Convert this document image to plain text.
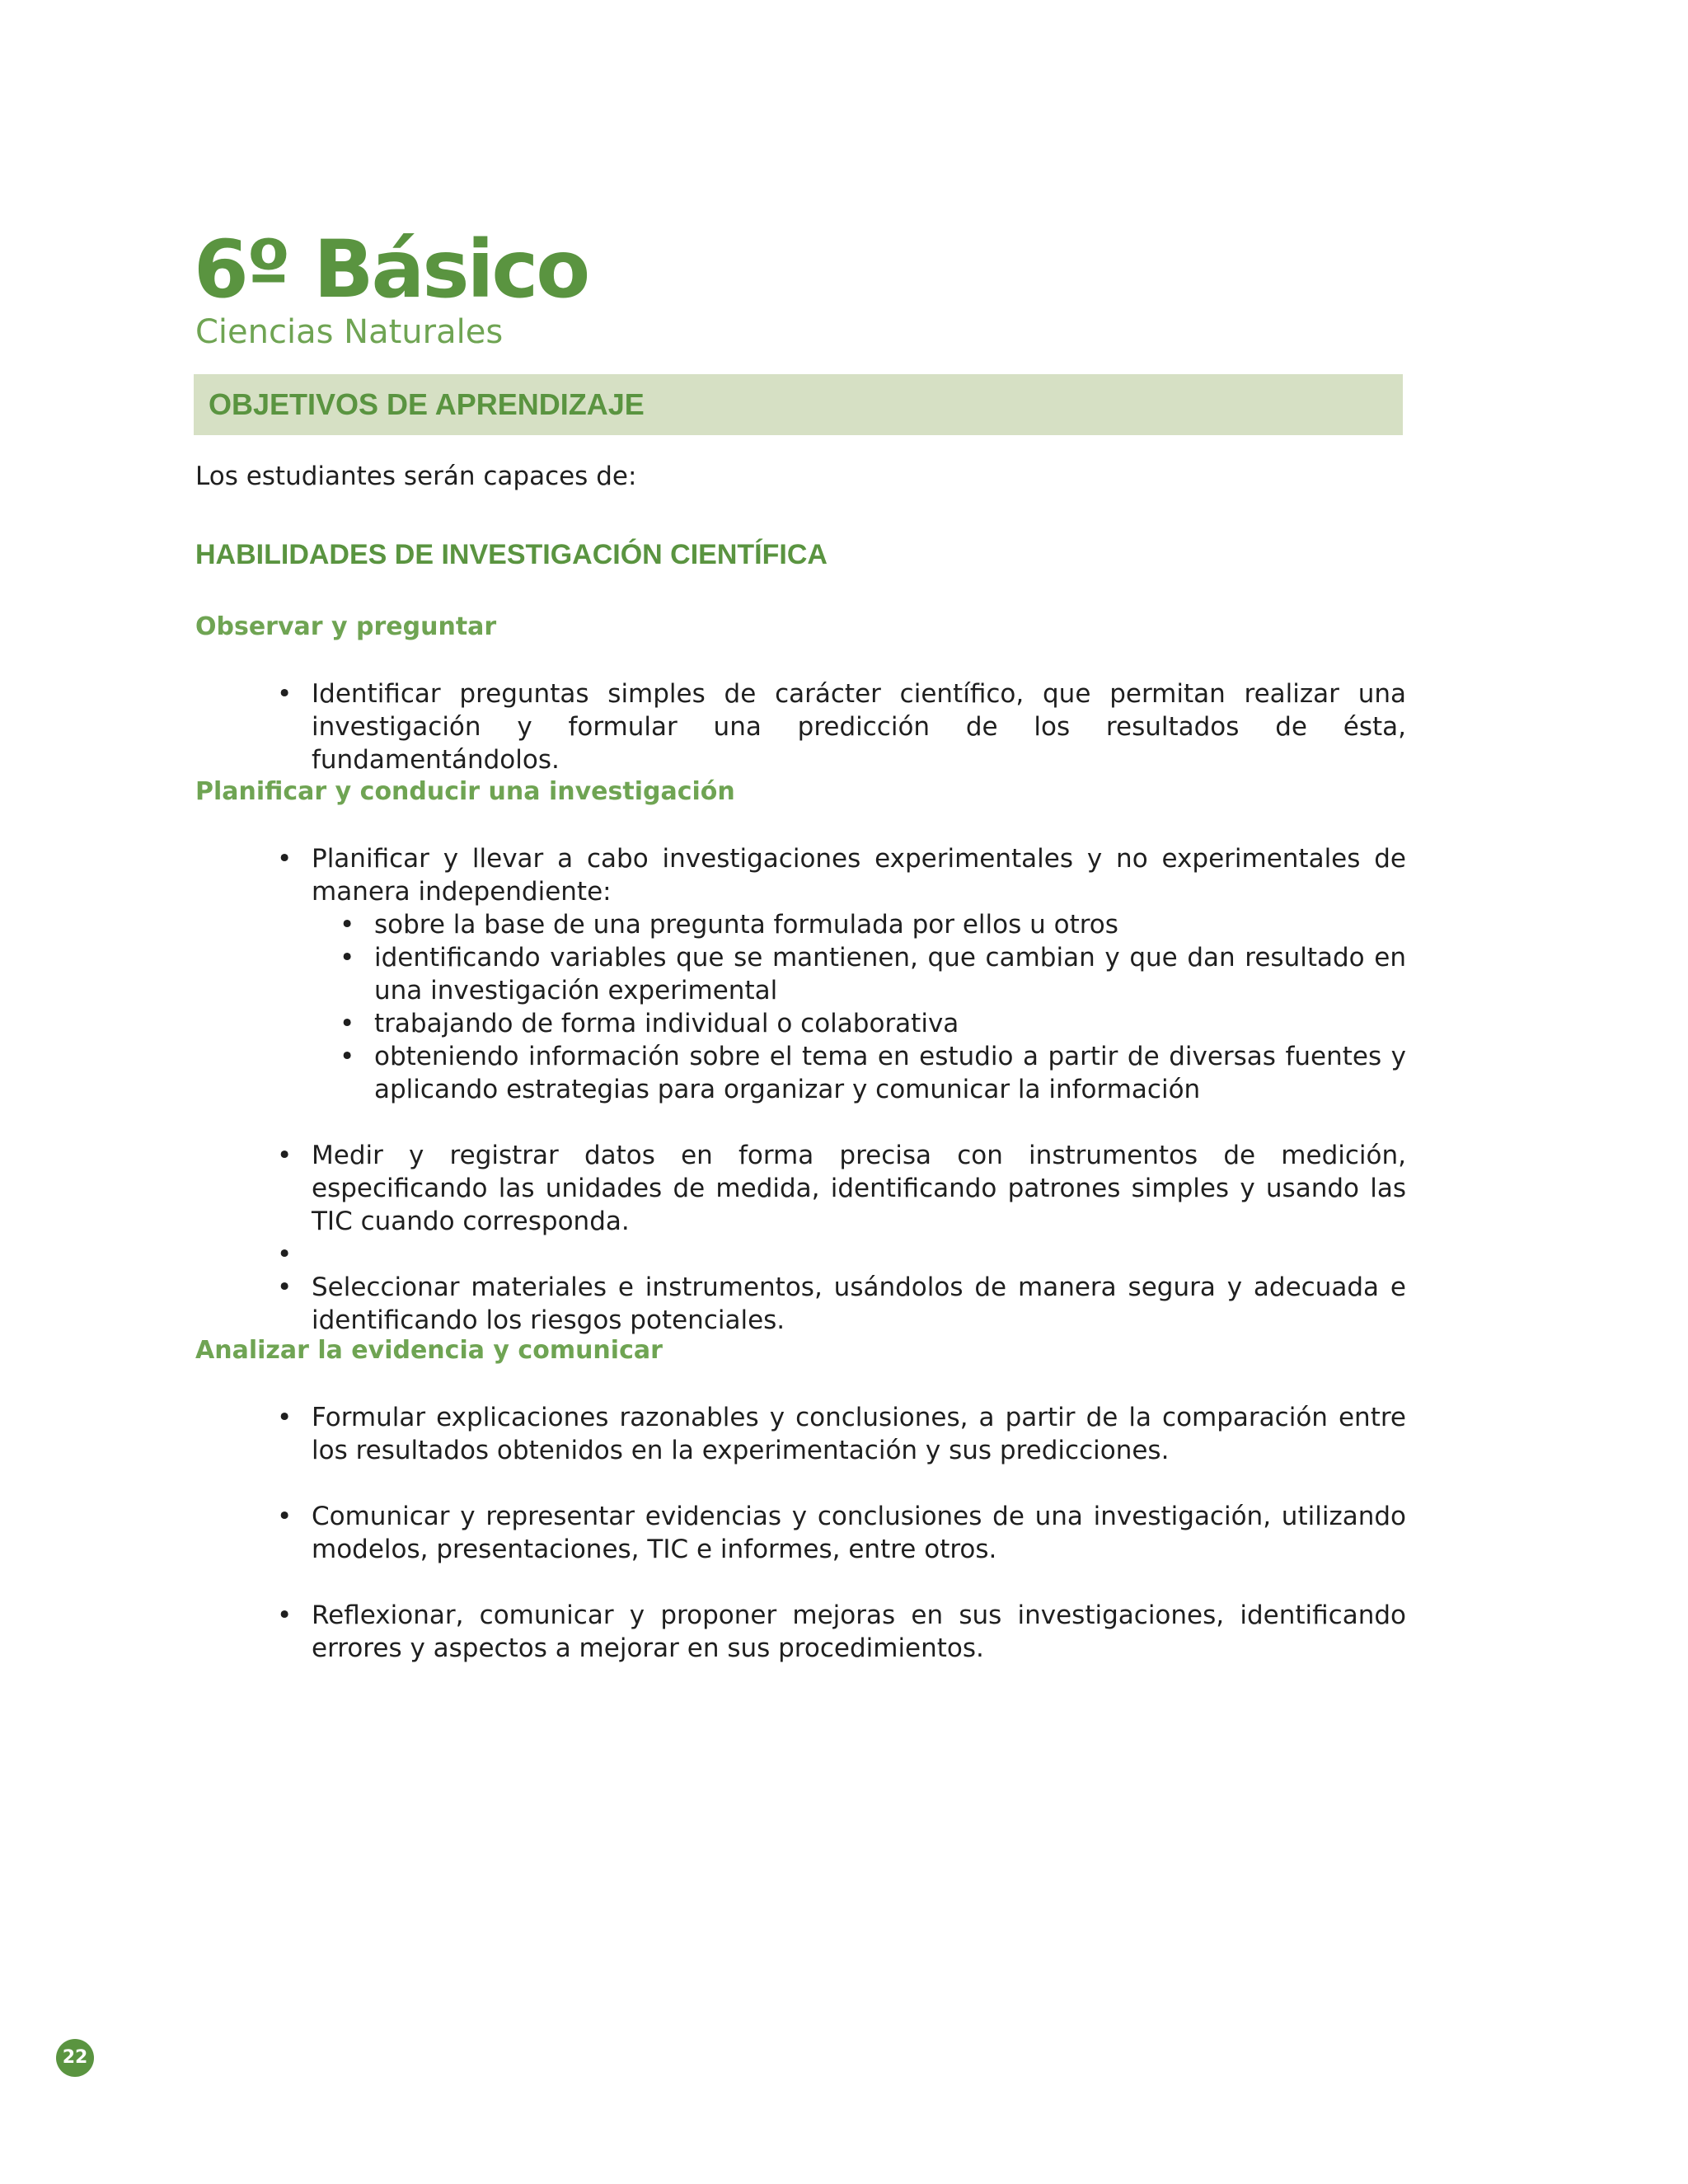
6º Básico
Ciencias Naturales
OBJETIVOS DE APRENDIZAJE

Los estudiantes serán capaces de:

HABILIDADES DE INVESTIGACIÓN CIENTÍFICA
Observar y preguntar
• Identificar preguntas simples de carácter científico, que permitan realizar una investigación y formular una predicción de los resultados de ésta, fundamentándolos.
Planificar y conducir una investigación
• Planificar y llevar a cabo investigaciones experimentales y no experimentales de manera independiente:
• sobre la base de una pregunta formulada por ellos u otros
• identificando variables que se mantienen, que cambian y que dan resultado en una investigación experimental
• trabajando de forma individual o colaborativa
• obteniendo información sobre el tema en estudio a partir de diversas fuentes y aplicando estrategias para organizar y comunicar la información
• Medir y registrar datos en forma precisa con instrumentos de medición, especificando las unidades de medida, identificando patrones simples y usando las TIC cuando corresponda.
•
• Seleccionar materiales e instrumentos, usándolos de manera segura y adecuada e identificando los riesgos potenciales.
Analizar la evidencia y comunicar
• Formular explicaciones razonables y conclusiones, a partir de la comparación entre los resultados obtenidos en la experimentación y sus predicciones.
• Comunicar y representar evidencias y conclusiones de una investigación, utilizando modelos, presentaciones, TIC e informes, entre otros.
• Reflexionar, comunicar y proponer mejoras en sus investigaciones, identificando errores y aspectos a mejorar en sus procedimientos.
22
